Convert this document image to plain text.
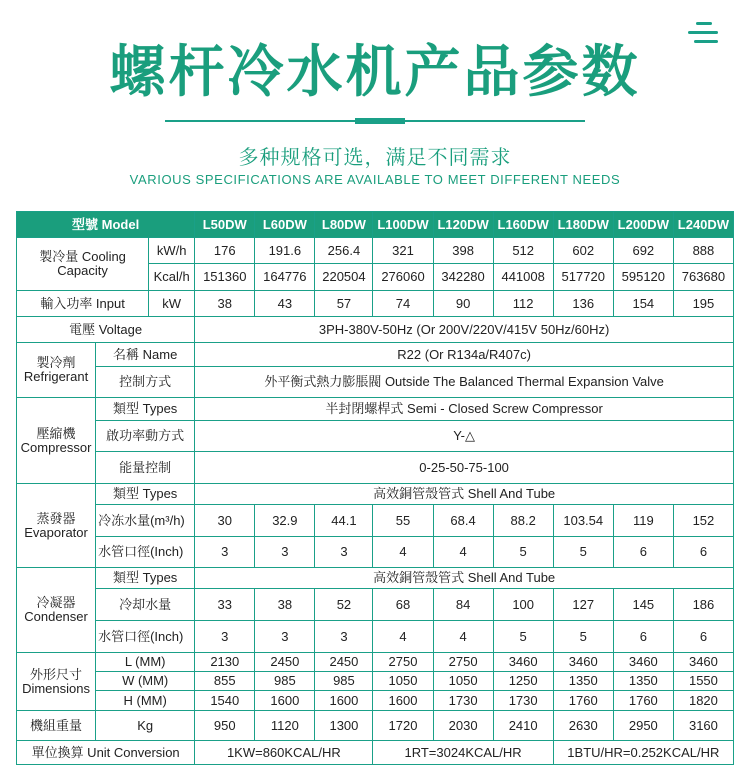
螺杆冷水机产品参数
多种规格可选，满足不同需求
VARIOUS SPECIFICATIONS ARE AVAILABLE TO MEET DIFFERENT NEEDS
型號 Model			L50DW	L60DW	L80DW	L100DW	L120DW	L160DW	L180DW	L200DW	L240DW
製冷量 Cooling Capacity		kW/h	176	191.6	256.4	321	398	512	602	692	888
		Kcal/h	151360	164776	220504	276060	342280	441008	517720	595120	763680
輸入功率 Input		kW	38	43	57	74	90	112	136	154	195
電壓 Voltage			3PH-380V-50Hz (Or 200V/220V/415V 50Hz/60Hz)								
製冷劑 Refrigerant	名稱 Name		R22 (Or R134a/R407c)								
	控制方式		外平衡式熱力膨脹閥 Outside The Balanced Thermal Expansion Valve								
壓縮機 Compressor	類型 Types		半封閉螺桿式 Semi - Closed Screw Compressor								
	啟功率動方式		Y-△								
	能量控制		0-25-50-75-100								
蒸發器 Evaporator	類型 Types		高效銅管殼管式 Shell And Tube								
	冷冻水量(m³/h)		30	32.9	44.1	55	68.4	88.2	103.54	119	152
	水管口徑(Inch)		3	3	3	4	4	5	5	6	6
冷凝器 Condenser	類型 Types		高效銅管殼管式 Shell And Tube								
	冷却水量		33	38	52	68	84	100	127	145	186
	水管口徑(Inch)		3	3	3	4	4	5	5	6	6
外形尺寸 Dimensions	L (MM)		2130	2450	2450	2750	2750	3460	3460	3460	3460
	W (MM)		855	985	985	1050	1050	1250	1350	1350	1550
	H (MM)		1540	1600	1600	1600	1730	1730	1760	1760	1820
機組重量	Kg		950	1120	1300	1720	2030	2410	2630	2950	3160
單位換算 Unit Conversion			1KW=860KCAL/HR			1RT=3024KCAL/HR			1BTU/HR=0.252KCAL/HR		
